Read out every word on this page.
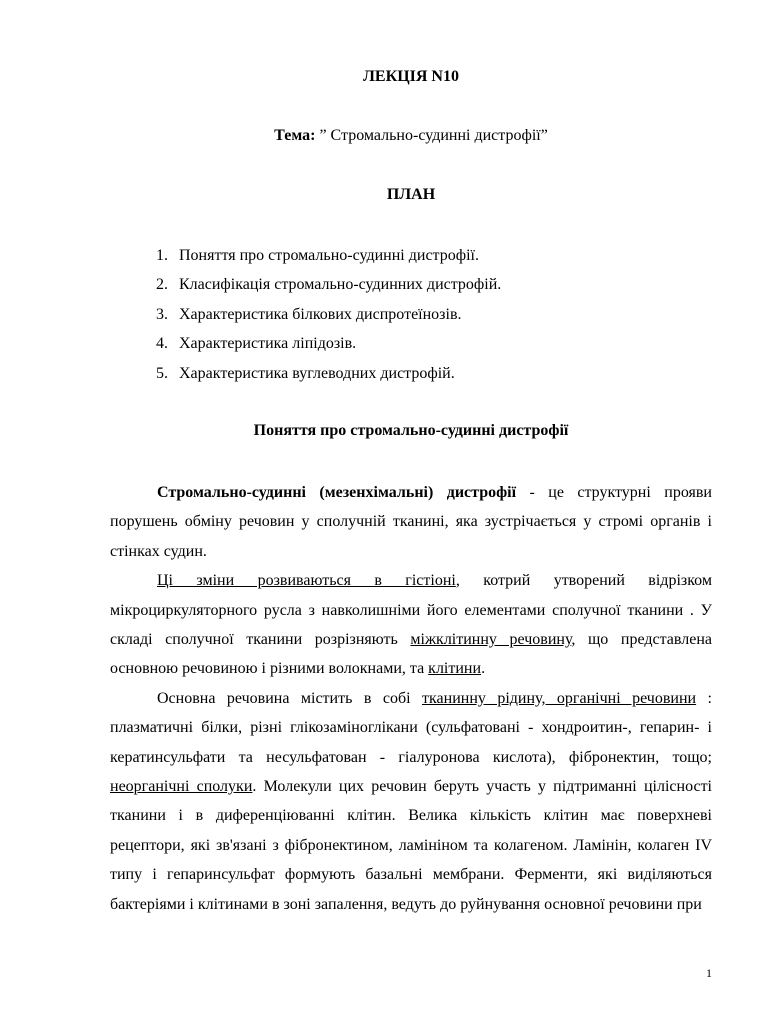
ЛЕКЦІЯ N10
Тема: ” Стромально-судинні дистрофії”
ПЛАН
1. Поняття про стромально-судинні дистрофії.
2. Класифікація стромально-судинних дистрофій.
3. Характеристика білкових диспротеїнозів.
4. Характеристика ліпідозів.
5. Характеристика вуглеводних дистрофій.
Поняття про стромально-судинні дистрофії

Стромально-судинні (мезенхімальні) дистрофії - це структурні прояви порушень обміну речовин у сполучній тканині, яка зустрічається у стромі органів і стінках судин.

Ці зміни розвиваються в гістіоні, котрий утворений відрізком мікроциркуляторного русла з навколишніми його елементами сполучної тканини . У складі сполучної тканини розрізняють міжклітинну речовину, що представлена основною речовиною і різними волокнами, та клітини.

Основна речовина містить в собі тканинну рідину, органічні речовини : плазматичні білки, різні глікозаміноглікани (сульфатовані - хондроитин-, гепарин- і кератинсульфати та несульфатован - гіалуронова кислота), фібронектин, тощо; неорганічні сполуки. Молекули цих речовин беруть участь у підтриманні цілісності тканини і в диференціюванні клітин. Велика кількість клітин має поверхневі рецептори, які зв'язані з фібронектином, ламініном та колагеном. Ламінін, колаген IV типу і гепаринсульфат формують базальні мембрани. Ферменти, які виділяються бактеріями і клітинами в зоні запалення, ведуть до руйнування основної речовини при

1
